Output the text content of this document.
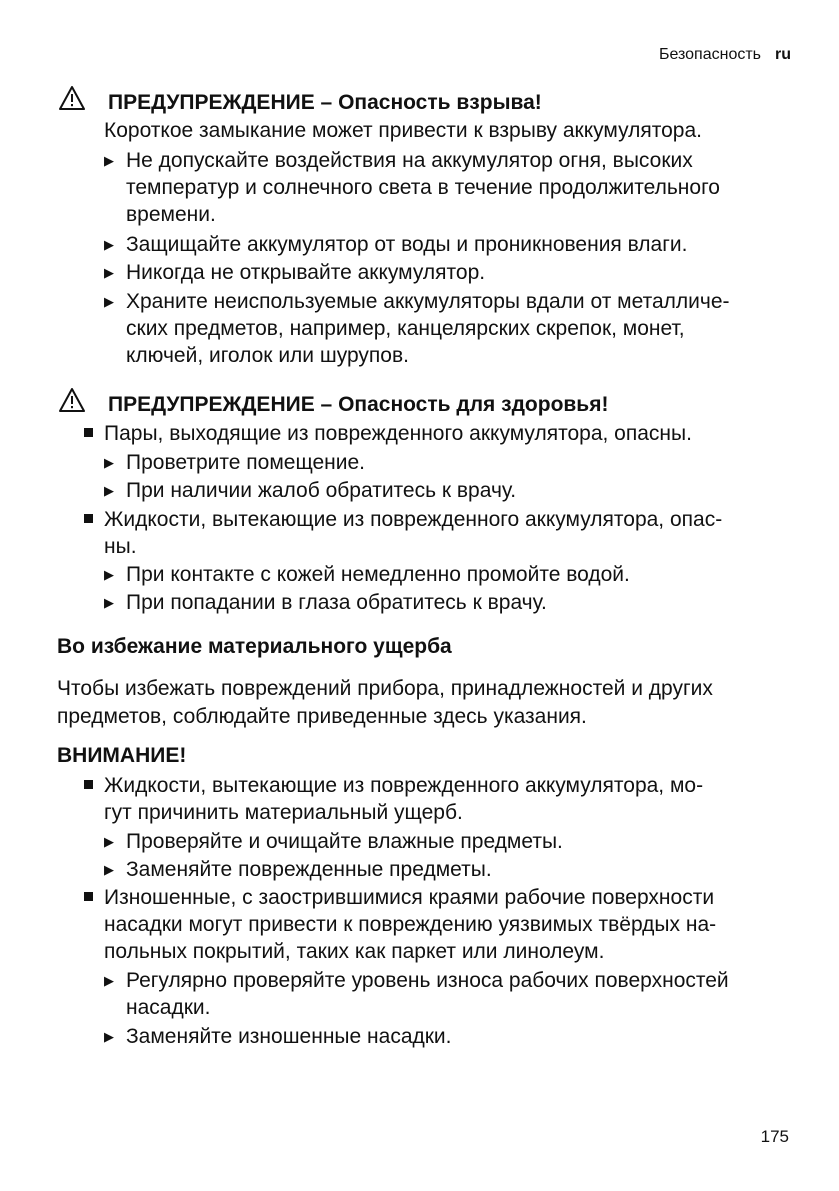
Безопасность ru
ПРЕДУПРЕЖДЕНИЕ – Опасность взрыва!
Короткое замыкание может привести к взрыву аккумулятора.
▶ Не допускайте воздействия на аккумулятор огня, высоких
температур и солнечного света в течение продолжительного
времени.
▶ Защищайте аккумулятор от воды и проникновения влаги.
▶ Никогда не открывайте аккумулятор.
▶ Храните неиспользуемые аккумуляторы вдали от металличе-
ских предметов, например, канцелярских скрепок, монет,
ключей, иголок или шурупов.
ПРЕДУПРЕЖДЕНИЕ – Опасность для здоровья!
Пары, выходящие из поврежденного аккумулятора, опасны.
▶ Проветрите помещение.
▶ При наличии жалоб обратитесь к врачу.
Жидкости, вытекающие из поврежденного аккумулятора, опас-
ны.
▶ При контакте с кожей немедленно промойте водой.
▶ При попадании в глаза обратитесь к врачу.
Во избежание материального ущерба
Чтобы избежать повреждений прибора, принадлежностей и других
предметов, соблюдайте приведенные здесь указания.
ВНИМАНИЕ!
Жидкости, вытекающие из поврежденного аккумулятора, мо-
гут причинить материальный ущерб.
▶ Проверяйте и очищайте влажные предметы.
▶ Заменяйте поврежденные предметы.
Изношенные, с заострившимися краями рабочие поверхности
насадки могут привести к повреждению уязвимых твёрдых на-
польных покрытий, таких как паркет или линолеум.
▶ Регулярно проверяйте уровень износа рабочих поверхностей
насадки.
▶ Заменяйте изношенные насадки.
175
